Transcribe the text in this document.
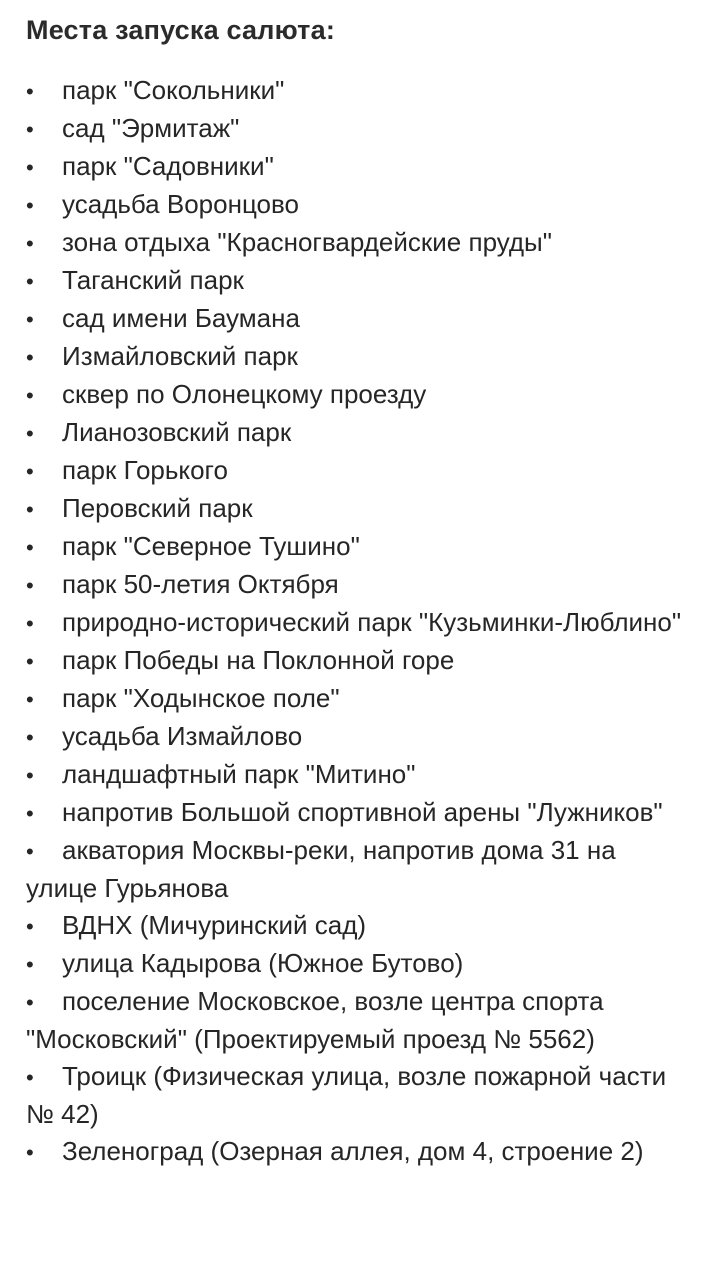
Места запуска салюта:
• парк "Сокольники"
• сад "Эрмитаж"
• парк "Садовники"
• усадьба Воронцово
• зона отдыха "Красногвардейские пруды"
• Таганский парк
• сад имени Баумана
• Измайловский парк
• сквер по Олонецкому проезду
• Лианозовский парк
• парк Горького
• Перовский парк
• парк "Северное Тушино"
• парк 50-летия Октября
• природно-исторический парк "Кузьминки-Люблино"
• парк Победы на Поклонной горе
• парк "Ходынское поле"
• усадьба Измайлово
• ландшафтный парк "Митино"
• напротив Большой спортивной арены "Лужников"
• акватория Москвы-реки, напротив дома 31 на улице Гурьянова
• ВДНХ (Мичуринский сад)
• улица Кадырова (Южное Бутово)
• поселение Московское, возле центра спорта "Московский" (Проектируемый проезд № 5562)
• Троицк (Физическая улица, возле пожарной части № 42)
• Зеленоград (Озерная аллея, дом 4, строение 2)
